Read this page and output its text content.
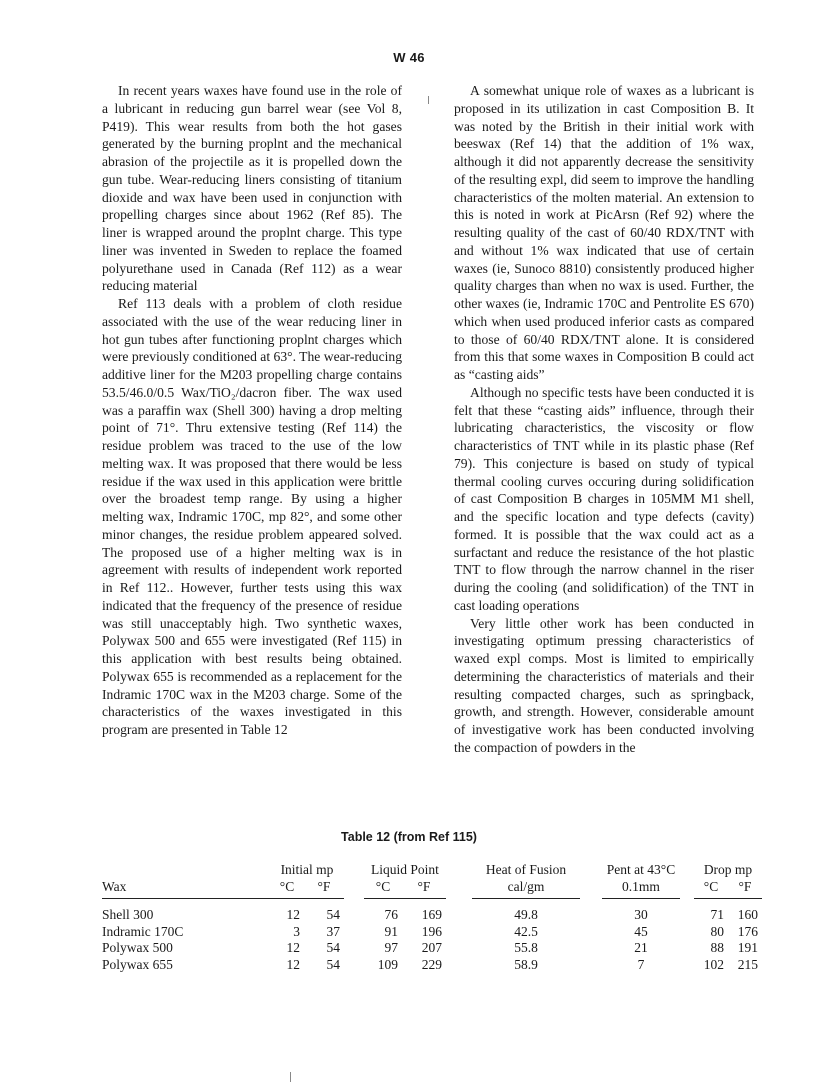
W 46

In recent years waxes have found use in the role of a lubricant in reducing gun barrel wear (see Vol 8, P419). This wear results from both the hot gases generated by the burning proplnt and the mechanical abrasion of the projectile as it is propelled down the gun tube. Wear-reducing liners consisting of titanium dioxide and wax have been used in conjunction with propelling charges since about 1962 (Ref 85). The liner is wrapped around the proplnt charge. This type liner was invented in Sweden to replace the foamed polyurethane used in Canada (Ref 112) as a wear reducing material

Ref 113 deals with a problem of cloth residue associated with the use of the wear reducing liner in hot gun tubes after functioning proplnt charges which were previously conditioned at 63°. The wear-reducing additive liner for the M203 propelling charge contains 53.5/46.0/0.5 Wax/TiO₂/dacron fiber. The wax used was a paraffin wax (Shell 300) having a drop melting point of 71°. Thru extensive testing (Ref 114) the residue problem was traced to the use of the low melting wax. It was proposed that there would be less residue if the wax used in this application were brittle over the broadest temp range. By using a higher melting wax, Indramic 170C, mp 82°, and some other minor changes, the residue problem appeared solved. The proposed use of a higher melting wax is in agreement with results of independent work reported in Ref 112.. However, further tests using this wax indicated that the frequency of the presence of residue was still unacceptably high. Two synthetic waxes, Polywax 500 and 655 were investigated (Ref 115) in this application with best results being obtained. Polywax 655 is recommended as a replacement for the Indramic 170C wax in the M203 charge. Some of the characteristics of the waxes investigated in this program are presented in Table 12

A somewhat unique role of waxes as a lubricant is proposed in its utilization in cast Composition B. It was noted by the British in their initial work with beeswax (Ref 14) that the addition of 1% wax, although it did not apparently decrease the sensitivity of the resulting expl, did seem to improve the handling characteristics of the molten material. An extension to this is noted in work at PicArsn (Ref 92) where the resulting quality of the cast of 60/40 RDX/TNT with and without 1% wax indicated that use of certain waxes (ie, Sunoco 8810) consistently produced higher quality charges than when no wax is used. Further, the other waxes (ie, Indramic 170C and Pentrolite ES 670) which when used produced inferior casts as compared to those of 60/40 RDX/TNT alone. It is considered from this that some waxes in Composition B could act as “casting aids”

Although no specific tests have been conducted it is felt that these “casting aids” influence, through their lubricating characteristics, the viscosity or flow characteristics of TNT while in its plastic phase (Ref 79). This conjecture is based on study of typical thermal cooling curves occuring during solidification of cast Composition B charges in 105MM M1 shell, and the specific location and type defects (cavity) formed. It is possible that the wax could act as a surfactant and reduce the resistance of the hot plastic TNT to flow through the narrow channel in the riser during the cooling (and solidification) of the TNT in cast loading operations

Very little other work has been conducted in investigating optimum pressing characteristics of waxed expl comps. Most is limited to empirically determining the characteristics of materials and their resulting compacted charges, such as springback, growth, and strength. However, considerable amount of investigative work has been conducted involving the compaction of powders in the

Table 12 (from Ref 115)
	Initial mp			Liquid Point			Heat of Fusion		Pent at 43°C		Drop mp	
Wax	°C	°F		°C	°F		cal/gm		0.1mm		°C	°F

Shell 300	12	54		76	169		49.8		30		71	160
Indramic 170C	3	37		91	196		42.5		45		80	176
Polywax 500	12	54		97	207		55.8		21		88	191
Polywax 655	12	54		109	229		58.9		7		102	215
